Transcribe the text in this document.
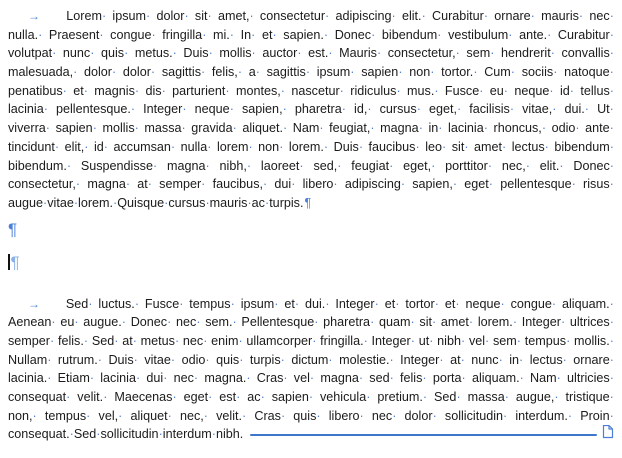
→	Lorem· ipsum· dolor· sit· amet,· consectetur· adipiscing· elit.· Curabitur· ornare· mauris· nec·
nulla.· Praesent· congue· fringilla· mi.· In· et· sapien.· Donec· bibendum· vestibulum· ante.· Curabitur·
volutpat· nunc· quis· metus.· Duis· mollis· auctor· est.· Mauris· consectetur,· sem· hendrerit· convallis·
malesuada,· dolor· dolor· sagittis· felis,· a· sagittis· ipsum· sapien· non· tortor.· Cum· sociis· natoque·
penatibus· et· magnis· dis· parturient· montes,· nascetur· ridiculus· mus.· Fusce· eu· neque· id· tellus·
lacinia· pellentesque.· Integer· neque· sapien,· pharetra· id,· cursus· eget,· facilisis· vitae,· dui.· Ut·
viverra· sapien· mollis· massa· gravida· aliquet.· Nam· feugiat,· magna· in· lacinia· rhoncus,· odio· ante·
tincidunt· elit,· id· accumsan· nulla· lorem· non· lorem.· Duis· faucibus· leo· sit· amet· lectus· bibendum·
bibendum.· Suspendisse· magna· nibh,· laoreet· sed,· feugiat· eget,· porttitor· nec,· elit.· Donec·
consectetur,· magna· at· semper· faucibus,· dui· libero· adipiscing· sapien,· eget· pellentesque· risus·
augue· vitae· lorem.· Quisque· cursus· mauris· ac· turpis. ¶
¶
¶
→	Sed· luctus.· Fusce· tempus· ipsum· et· dui.· Integer· et· tortor· et· neque· congue· aliquam.·
Aenean· eu· augue.· Donec· nec· sem.· Pellentesque· pharetra· quam· sit· amet· lorem.· Integer· ultrices·
semper· felis.· Sed· at· metus· nec· enim· ullamcorper· fringilla.· Integer· ut· nibh· vel· sem· tempus· mollis.·
Nullam· rutrum.· Duis· vitae· odio· quis· turpis· dictum· molestie.· Integer· at· nunc· in· lectus· ornare·
lacinia.· Etiam· lacinia· dui· nec· magna.· Cras· vel· magna· sed· felis· porta· aliquam.· Nam· ultricies·
consequat· velit.· Maecenas· eget· est· ac· sapien· vehicula· pretium.· Sed· massa· augue,· tristique·
non,· tempus· vel,· aliquet· nec,· velit.· Cras· quis· libero· nec· dolor· sollicitudin· interdum.· Proin·
consequat.· Sed· sollicitudin· interdum· nibh.
